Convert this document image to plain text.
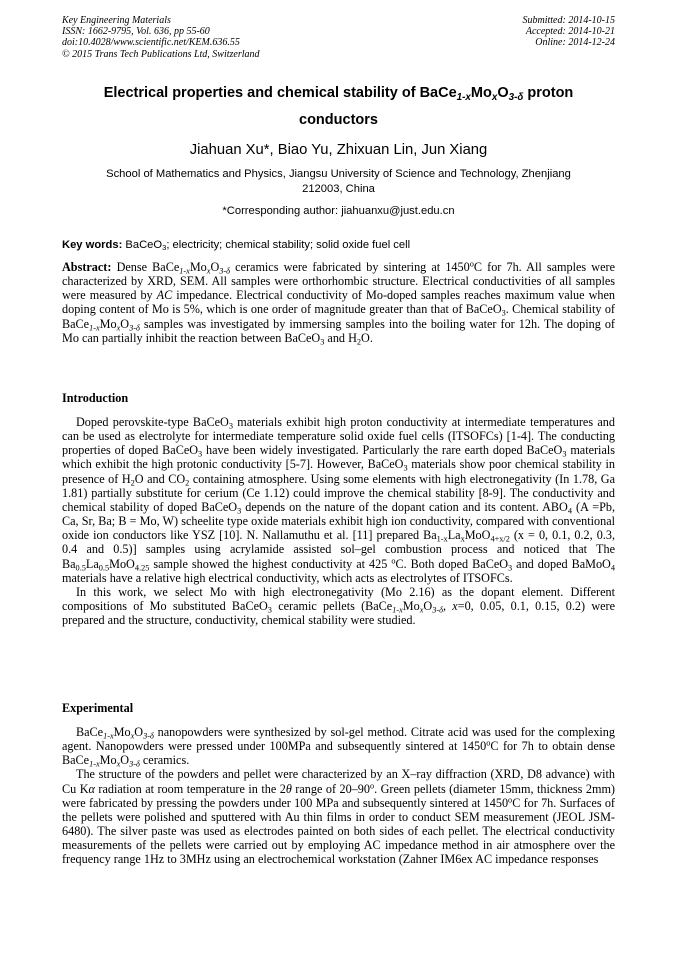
Key Engineering Materials
ISSN: 1662-9795, Vol. 636, pp 55-60
doi:10.4028/www.scientific.net/KEM.636.55
© 2015 Trans Tech Publications Ltd, Switzerland
Submitted: 2014-10-15
Accepted: 2014-10-21
Online: 2014-12-24
Electrical properties and chemical stability of $BaCe_{1-x}Mo_xO_{3-\delta}$ proton
conductors
Jiahuan Xu*, Biao Yu, Zhixuan Lin, Jun Xiang
School of Mathematics and Physics, Jiangsu University of Science and Technology, Zhenjiang
212003, China
*Corresponding author: jiahuanxu@just.edu.cn
Key words: BaCeO$_3$; electricity; chemical stability; solid oxide fuel cell

Abstract: Dense $BaCe_{1-x}Mo_xO_{3-\delta}$ ceramics were fabricated by sintering at 1450$^o$C for 7h. All samples were characterized by XRD, SEM. All samples were orthorhombic structure. Electrical conductivities of all samples were measured by AC impedance. Electrical conductivity of Mo-doped samples reaches maximum value when doping content of Mo is 5%, which is one order of magnitude greater than that of BaCeO$_3$. Chemical stability of $BaCe_{1-x}Mo_xO_{3-\delta}$ samples was investigated by immersing samples into the boiling water for 12h. The doping of Mo can partially inhibit the reaction between BaCeO$_3$ and $H_2O$.

Introduction

Doped perovskite-type BaCeO$_3$ materials exhibit high proton conductivity at intermediate temperatures and can be used as electrolyte for intermediate temperature solid oxide fuel cells (ITSOFCs) [1-4]. The conducting properties of doped BaCeO$_3$ have been widely investigated. Particularly the rare earth doped BaCeO$_3$ materials which exhibit the high protonic conductivity [5-7]. However, BaCeO$_3$ materials show poor chemical stability in presence of $H_2O$ and $CO_2$ containing atmosphere. Using some elements with high electronegativity (In 1.78, Ga 1.81) partially substitute for cerium (Ce 1.12) could improve the chemical stability [8-9]. The conductivity and chemical stability of doped BaCeO$_3$ depends on the nature of the dopant cation and its content. $ABO_4$ (A =Pb, Ca, Sr, Ba; B = Mo, W) scheelite type oxide materials exhibit high ion conductivity, compared with conventional oxide ion conductors like YSZ [10]. N. Nallamuthu et al. [11] prepared $Ba_{1-x}La_xMoO_{4+x/2}$ (x = 0, 0.1, 0.2, 0.3, 0.4 and 0.5)] samples using acrylamide assisted sol–gel combustion process and noticed that The $Ba_{0.5}La_{0.5}MoO_{4.25}$ sample showed the highest conductivity at 425 $^o$C. Both doped BaCeO$_3$ and doped BaMoO$_4$ materials have a relative high electrical conductivity, which acts as electrolytes of ITSOFCs.

In this work, we select Mo with high electronegativity (Mo 2.16) as the dopant element. Different compositions of Mo substituted BaCeO$_3$ ceramic pellets ($BaCe_{1-x}Mo_xO_{3-\delta}$, x=0, 0.05, 0.1, 0.15, 0.2) were prepared and the structure, conductivity, chemical stability were studied.

Experimental

$BaCe_{1-x}Mo_xO_{3-\delta}$ nanopowders were synthesized by sol-gel method. Citrate acid was used for the complexing agent. Nanopowders were pressed under 100MPa and subsequently sintered at 1450$^o$C for 7h to obtain dense $BaCe_{1-x}Mo_xO_{3-\delta}$ ceramics.

The structure of the powders and pellet were characterized by an X–ray diffraction (XRD, D8 advance) with Cu Kα radiation at room temperature in the 2θ range of 20–90$^o$. Green pellets (diameter 15mm, thickness 2mm) were fabricated by pressing the powders under 100 MPa and subsequently sintered at 1450$^o$C for 7h. Surfaces of the pellets were polished and sputtered with Au thin films in order to conduct SEM measurement (JEOL JSM-6480). The silver paste was used as electrodes painted on both sides of each pellet. The electrical conductivity measurements of the pellets were carried out by employing AC impedance method in air atmosphere over the frequency range 1Hz to 3MHz using an electrochemical workstation (Zahner IM6ex AC impedance responses
